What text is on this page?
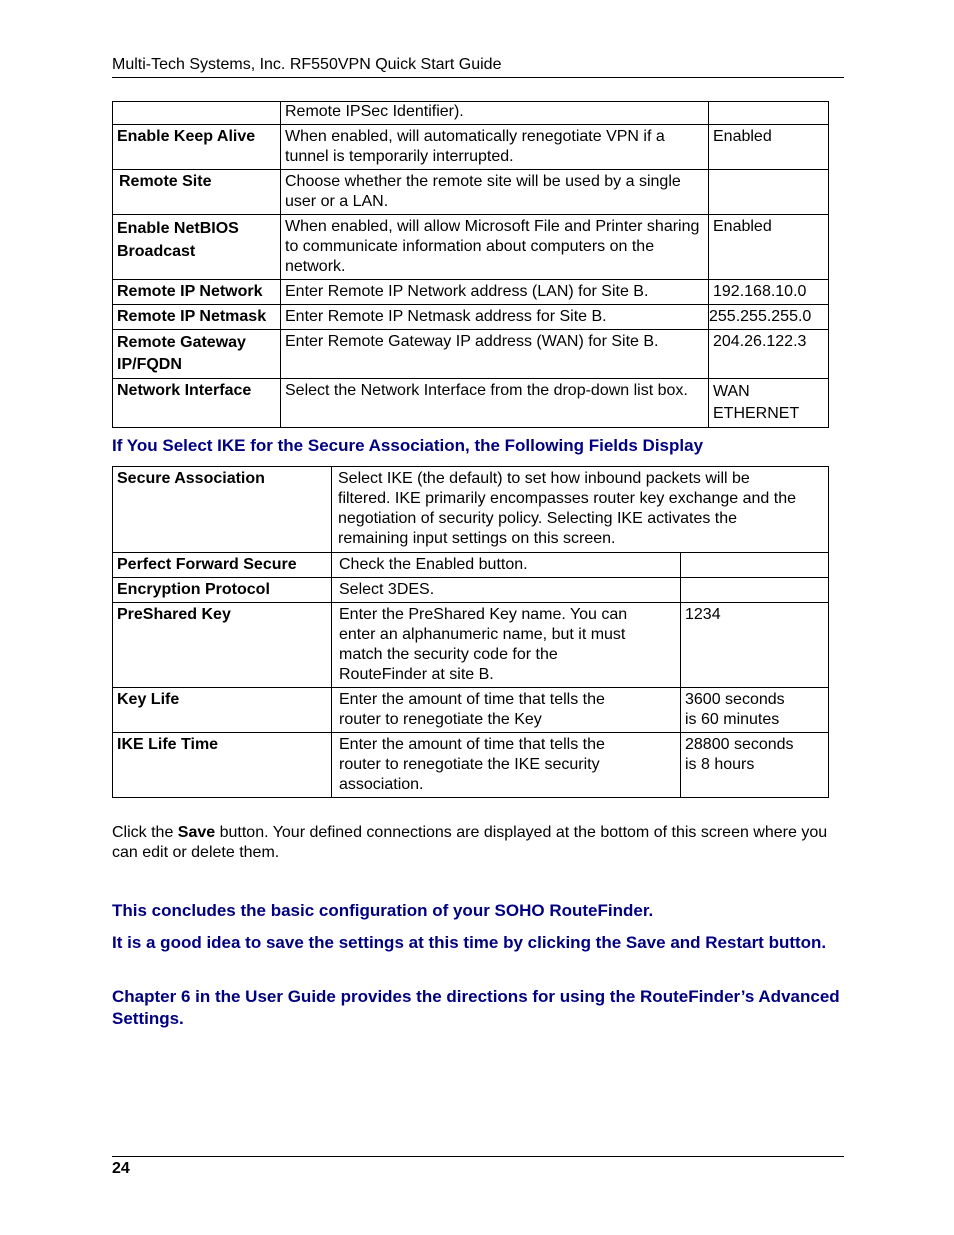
Multi-Tech Systems, Inc. RF550VPN Quick Start Guide
	Remote IPSec Identifier).	
Enable Keep Alive	When enabled, will automatically renegotiate VPN if a tunnel is temporarily interrupted.	Enabled
Remote Site	Choose whether the remote site will be used by a single user or a LAN.	
Enable NetBIOS Broadcast	When enabled, will allow Microsoft File and Printer sharing to communicate information about computers on the network.	Enabled
Remote IP Network	Enter Remote IP Network address (LAN) for Site B.	192.168.10.0
Remote IP Netmask	Enter Remote IP Netmask address for Site B.	255.255.255.0
Remote Gateway IP/FQDN	Enter Remote Gateway IP address (WAN) for Site B.	204.26.122.3
Network Interface	Select the Network Interface from the drop-down list box.	WAN ETHERNET
If You Select IKE for the Secure Association, the Following Fields Display
Secure Association	Select IKE (the default) to set how inbound packets will be filtered. IKE primarily encompasses router key exchange and the negotiation of security policy. Selecting IKE activates the remaining input settings on this screen.	
Perfect Forward Secure	Check the Enabled button.	
Encryption Protocol	Select 3DES.	
PreShared Key	Enter the PreShared Key name. You can enter an alphanumeric name, but it must match the security code for the RouteFinder at site B.	1234
Key Life	Enter the amount of time that tells the router to renegotiate the Key	3600 seconds is 60 minutes
IKE Life Time	Enter the amount of time that tells the router to renegotiate the IKE security association.	28800 seconds is 8 hours

Click the Save button. Your defined connections are displayed at the bottom of this screen where you can edit or delete them.

This concludes the basic configuration of your SOHO RouteFinder.
It is a good idea to save the settings at this time by clicking the Save and Restart button.
Chapter 6 in the User Guide provides the directions for using the RouteFinder’s Advanced Settings.
24
